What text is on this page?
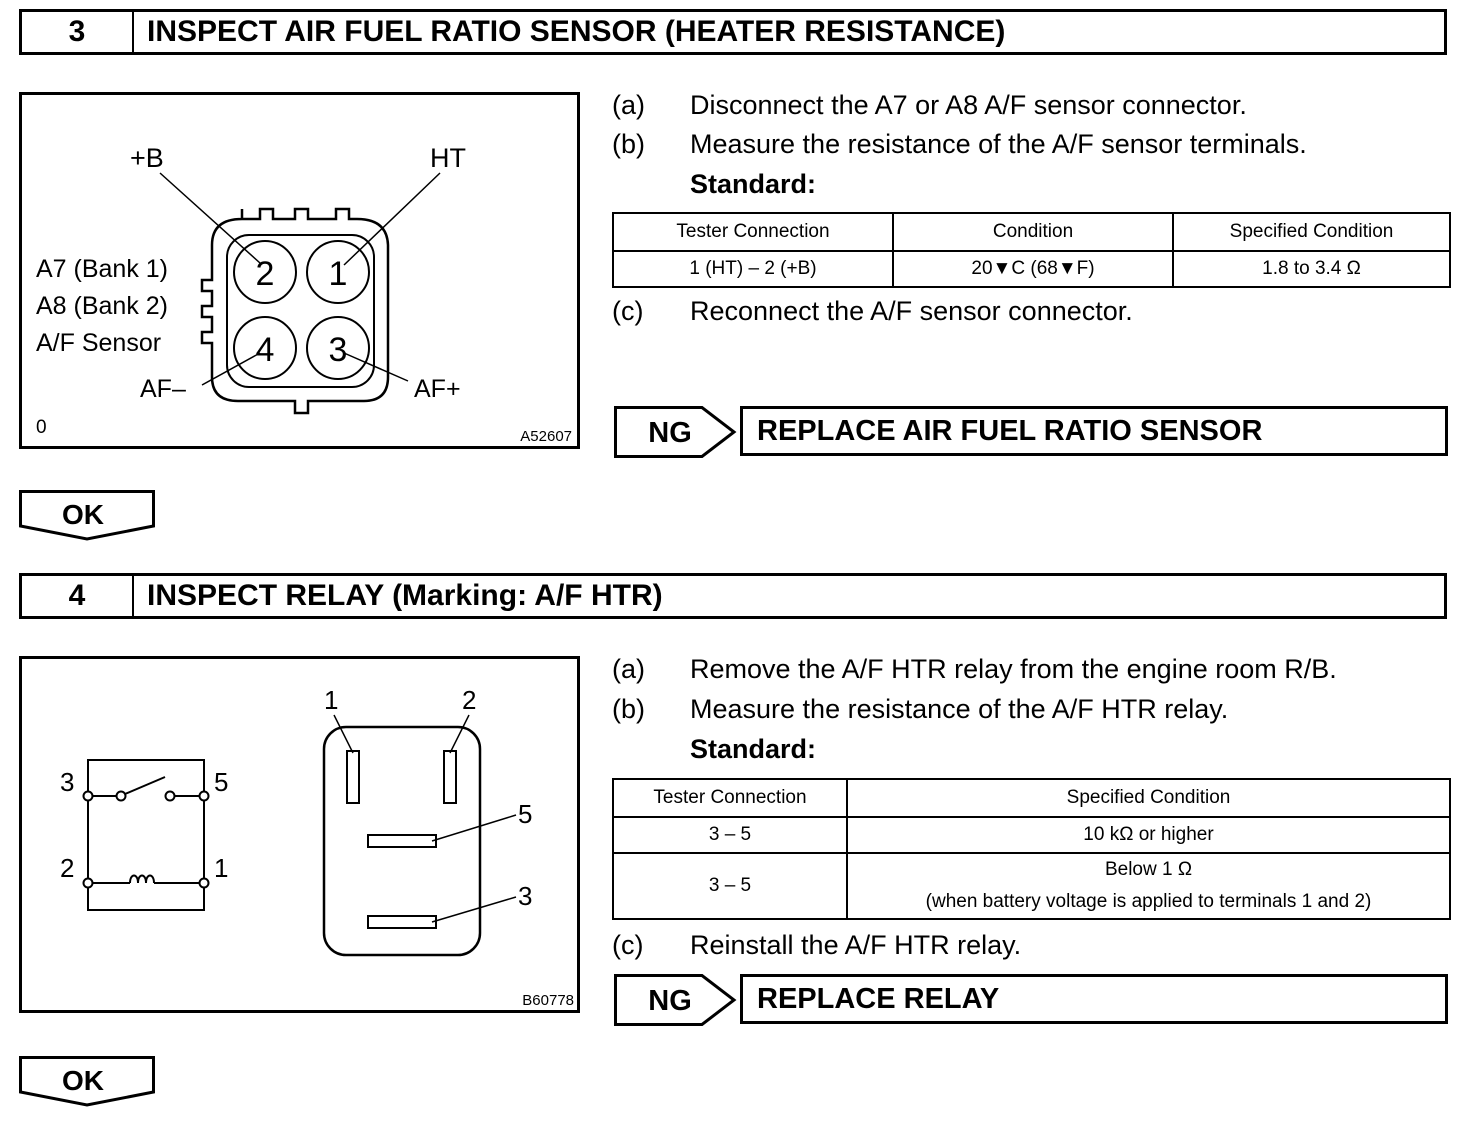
3	INSPECT AIR FUEL RATIO SENSOR (HEATER RESISTANCE)
2 1
4 3
+B	HT
A7 (Bank 1)
A8 (Bank 2)
A/F Sensor
AF–	AF+
0	A52607
(a) Disconnect the A7 or A8 A/F sensor connector.
(b) Measure the resistance of the A/F sensor terminals.
Standard:
Tester Connection	Condition	Specified Condition
1 (HT) – 2 (+B)	20▼C (68▼F)	1.8 to 3.4 Ω
(c) Reconnect the A/F sensor connector.
NG	REPLACE AIR FUEL RATIO SENSOR
OK
4	INSPECT RELAY (Marking: A/F HTR)
3	5
2	1
1	2
5
3
B60778
(a) Remove the A/F HTR relay from the engine room R/B.
(b) Measure the resistance of the A/F HTR relay.
Standard:
Tester Connection	Specified Condition
3 – 5	10 kΩ or higher
3 – 5	Below 1 Ω
(when battery voltage is applied to terminals 1 and 2)
(c) Reinstall the A/F HTR relay.
NG	REPLACE RELAY
OK
